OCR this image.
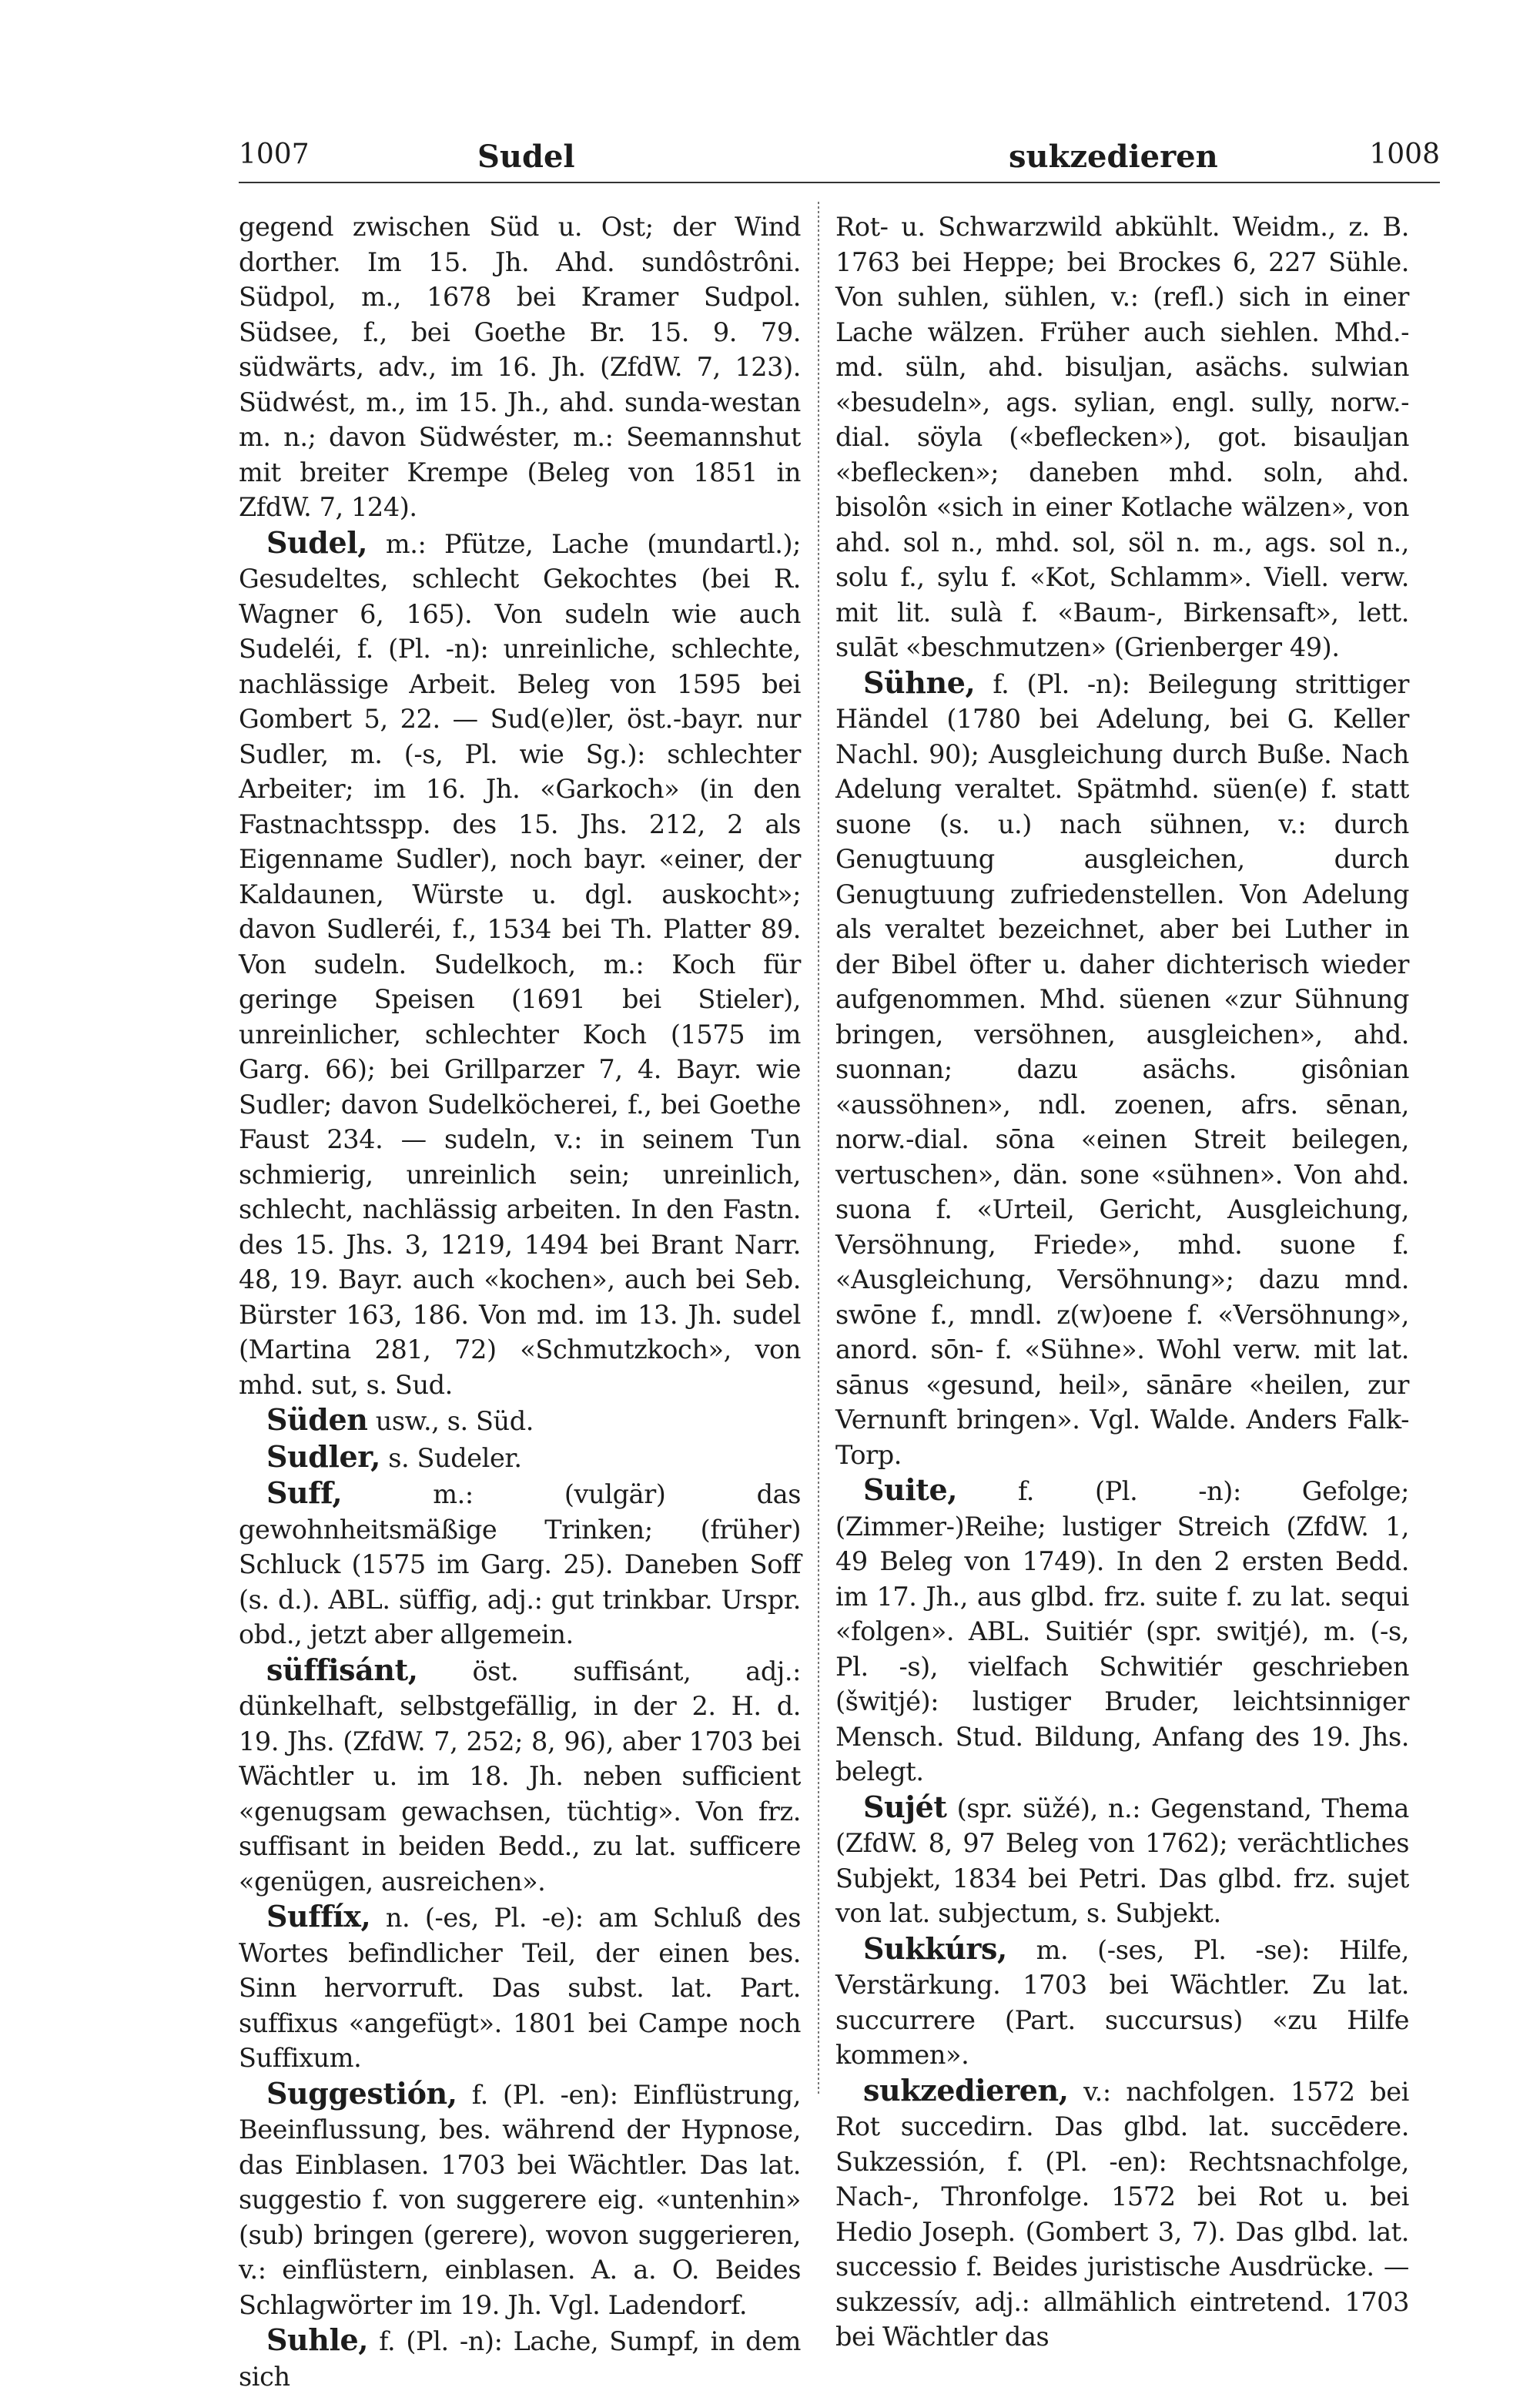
1007	Sudel	sukzedieren	1008

gegend zwischen Süd u. Ost; der Wind dorther. Im 15. Jh. Ahd. sundôstrôni. Südpol, m., 1678 bei Kramer Sudpol. Südsee, f., bei Goethe Br. 15. 9. 79. südwärts, adv., im 16. Jh. (ZfdW. 7, 123). Südwést, m., im 15. Jh., ahd. sunda-westan m. n.; davon Südwéster, m.: Seemannshut mit breiter Krempe (Beleg von 1851 in ZfdW. 7, 124).

Sudel, m.: Pfütze, Lache (mundartl.); Gesudeltes, schlecht Gekochtes (bei R. Wagner 6, 165). Von sudeln wie auch Sudeléi, f. (Pl. -n): unreinliche, schlechte, nachlässige Arbeit. Beleg von 1595 bei Gombert 5, 22. — Sud(e)ler, öst.-bayr. nur Sudler, m. (-s, Pl. wie Sg.): schlechter Arbeiter; im 16. Jh. «Garkoch» (in den Fastnachtsspp. des 15. Jhs. 212, 2 als Eigenname Sudler), noch bayr. «einer, der Kaldaunen, Würste u. dgl. auskocht»; davon Sudleréi, f., 1534 bei Th. Platter 89. Von sudeln. Sudelkoch, m.: Koch für geringe Speisen (1691 bei Stieler), unreinlicher, schlechter Koch (1575 im Garg. 66); bei Grillparzer 7, 4. Bayr. wie Sudler; davon Sudelköcherei, f., bei Goethe Faust 234. — sudeln, v.: in seinem Tun schmierig, unreinlich sein; unreinlich, schlecht, nachlässig arbeiten. In den Fastn. des 15. Jhs. 3, 1219, 1494 bei Brant Narr. 48, 19. Bayr. auch «kochen», auch bei Seb. Bürster 163, 186. Von md. im 13. Jh. sudel (Martina 281, 72) «Schmutzkoch», von mhd. sut, s. Sud.

Süden usw., s. Süd.

Sudler, s. Sudeler.

Suff,	m.: (vulgär) das gewohnheitsmäßige Trinken; (früher) Schluck (1575 im Garg. 25). Daneben Soff (s. d.). ABL. süffig, adj.: gut trinkbar. Urspr. obd., jetzt aber allgemein.

süffisánt, öst. suffisánt, adj.: dünkelhaft, selbstgefällig, in der 2. H. d. 19. Jhs. (ZfdW. 7, 252; 8, 96), aber 1703 bei Wächtler u. im 18. Jh. neben sufficient «genugsam gewachsen, tüchtig». Von frz. suffisant in beiden Bedd., zu lat. sufficere «genügen, ausreichen».

Suffíx, n. (-es, Pl. -e): am Schluß des Wortes befindlicher Teil, der einen bes. Sinn hervorruft. Das subst. lat. Part. suffixus «angefügt». 1801 bei Campe noch Suffixum.

Suggestión, f. (Pl. -en): Einflüstrung, Beeinflussung, bes. während der Hypnose, das Einblasen. 1703 bei Wächtler. Das lat. suggestio f. von suggerere eig. «untenhin» (sub) bringen (gerere), wovon suggerieren, v.: einflüstern, einblasen. A. a. O. Beides Schlagwörter im 19. Jh. Vgl. Ladendorf.

Suhle, f. (Pl. -n): Lache, Sumpf, in dem sich

Rot- u. Schwarzwild abkühlt. Weidm., z. B. 1763 bei Heppe; bei Brockes 6, 227 Sühle. Von suhlen, sühlen, v.: (refl.) sich in einer Lache wälzen. Früher auch siehlen. Mhd.-md. süln, ahd. bisuljan, asächs. sulwian «besudeln», ags. sylian, engl. sully, norw.-dial. söyla («beflecken»), got. bisauljan «beflecken»; daneben mhd. soln, ahd. bisolôn «sich in einer Kotlache wälzen», von ahd. sol n., mhd. sol, söl n. m., ags. sol n., solu f., sylu f. «Kot, Schlamm». Viell. verw. mit lit. sulà f. «Baum-, Birkensaft», lett. sulāt «beschmutzen» (Grienberger 49).

Sühne, f. (Pl. -n): Beilegung strittiger Händel (1780 bei Adelung, bei G. Keller Nachl. 90); Ausgleichung durch Buße. Nach Adelung veraltet. Spätmhd. süen(e) f. statt suone (s. u.) nach sühnen, v.: durch Genugtuung ausgleichen, durch Genugtuung zufriedenstellen. Von Adelung als veraltet bezeichnet, aber bei Luther in der Bibel öfter u. daher dichterisch wieder aufgenommen. Mhd. süenen «zur Sühnung bringen, versöhnen, ausgleichen», ahd. suonnan; dazu asächs. gisônian «aussöhnen», ndl. zoenen, afrs. sēnan, norw.-dial. sōna «einen Streit beilegen, vertuschen», dän. sone «sühnen». Von ahd. suona f. «Urteil, Gericht, Ausgleichung, Versöhnung, Friede», mhd. suone f. «Ausgleichung, Versöhnung»; dazu mnd. swōne f., mndl. z(w)oene f. «Versöhnung», anord. sōn- f. «Sühne». Wohl verw. mit lat. sānus «gesund, heil», sānāre «heilen, zur Vernunft bringen». Vgl. Walde. Anders Falk-Torp.

Suite, f. (Pl. -n): Gefolge; (Zimmer-)Reihe; lustiger Streich (ZfdW. 1, 49 Beleg von 1749). In den 2 ersten Bedd. im 17. Jh., aus glbd. frz. suite f. zu lat. sequi «folgen». ABL. Suitiér (spr. switjé), m. (-s, Pl. -s), vielfach Schwitiér geschrieben (šwitjé): lustiger Bruder, leichtsinniger Mensch. Stud. Bildung, Anfang des 19. Jhs. belegt.

Sujét (spr. süžé), n.: Gegenstand, Thema (ZfdW. 8, 97 Beleg von 1762); verächtliches Subjekt, 1834 bei Petri. Das glbd. frz. sujet von lat. subjectum, s. Subjekt.

Sukkúrs, m. (-ses, Pl. -se): Hilfe, Verstärkung. 1703 bei Wächtler. Zu lat. succurrere (Part. succursus) «zu Hilfe kommen».

sukzedieren, v.: nachfolgen. 1572 bei Rot succedirn. Das glbd. lat. succēdere. Sukzessión, f. (Pl. -en): Rechtsnachfolge, Nach-, Thronfolge. 1572 bei Rot u. bei Hedio Joseph. (Gombert 3, 7). Das glbd. lat. successio f. Beides juristische Ausdrücke. — sukzessív, adj.: allmählich eintretend. 1703 bei Wächtler das
